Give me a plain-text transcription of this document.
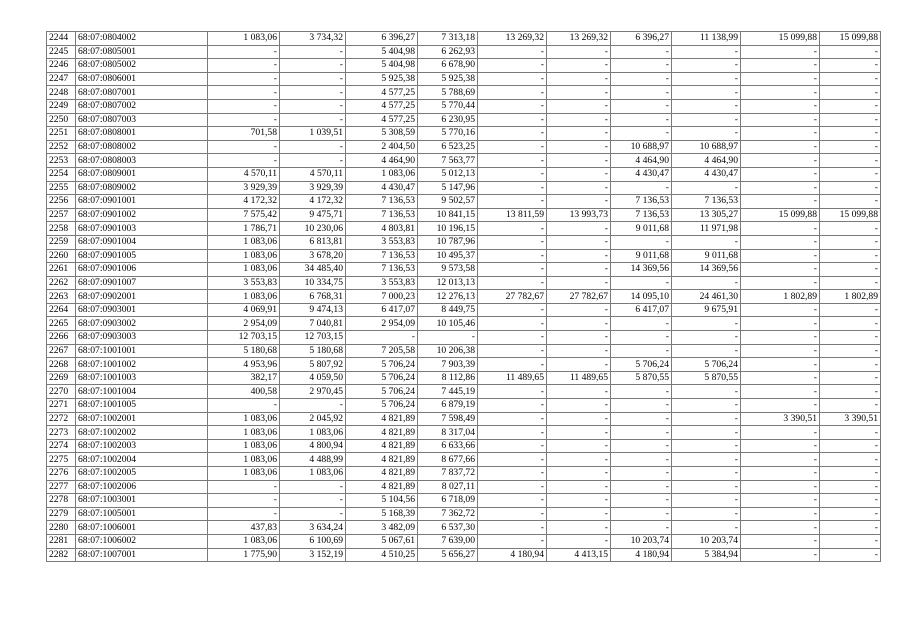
2244	68:07:0804002	1 083,06	3 734,32	6 396,27	7 313,18	13 269,32	13 269,32	6 396,27	11 138,99	15 099,88	15 099,88
2245	68:07:0805001	-	-	5 404,98	6 262,93	-	-	-	-	-	-
2246	68:07:0805002	-	-	5 404,98	6 678,90	-	-	-	-	-	-
2247	68:07:0806001	-	-	5 925,38	5 925,38	-	-	-	-	-	-
2248	68:07:0807001	-	-	4 577,25	5 788,69	-	-	-	-	-	-
2249	68:07:0807002	-	-	4 577,25	5 770,44	-	-	-	-	-	-
2250	68:07:0807003	-	-	4 577,25	6 230,95	-	-	-	-	-	-
2251	68:07:0808001	701,58	1 039,51	5 308,59	5 770,16	-	-	-	-	-	-
2252	68:07:0808002	-	-	2 404,50	6 523,25	-	-	10 688,97	10 688,97	-	-
2253	68:07:0808003	-	-	4 464,90	7 563,77	-	-	4 464,90	4 464,90	-	-
2254	68:07:0809001	4 570,11	4 570,11	1 083,06	5 012,13	-	-	4 430,47	4 430,47	-	-
2255	68:07:0809002	3 929,39	3 929,39	4 430,47	5 147,96	-	-	-	-	-	-
2256	68:07:0901001	4 172,32	4 172,32	7 136,53	9 502,57	-	-	7 136,53	7 136,53	-	-
2257	68:07:0901002	7 575,42	9 475,71	7 136,53	10 841,15	13 811,59	13 993,73	7 136,53	13 305,27	15 099,88	15 099,88
2258	68:07:0901003	1 786,71	10 230,06	4 803,81	10 196,15	-	-	9 011,68	11 971,98	-	-
2259	68:07:0901004	1 083,06	6 813,81	3 553,83	10 787,96	-	-	-	-	-	-
2260	68:07:0901005	1 083,06	3 678,20	7 136,53	10 495,37	-	-	9 011,68	9 011,68	-	-
2261	68:07:0901006	1 083,06	34 485,40	7 136,53	9 573,58	-	-	14 369,56	14 369,56	-	-
2262	68:07:0901007	3 553,83	10 334,75	3 553,83	12 013,13	-	-	-	-	-	-
2263	68:07:0902001	1 083,06	6 768,31	7 000,23	12 276,13	27 782,67	27 782,67	14 095,10	24 461,30	1 802,89	1 802,89
2264	68:07:0903001	4 069,91	9 474,13	6 417,07	8 449,75	-	-	6 417,07	9 675,91	-	-
2265	68:07:0903002	2 954,09	7 040,81	2 954,09	10 105,46	-	-	-	-	-	-
2266	68:07:0903003	12 703,15	12 703,15	-	-	-	-	-	-	-	-
2267	68:07:1001001	5 180,68	5 180,68	7 205,58	10 206,38	-	-	-	-	-	-
2268	68:07:1001002	4 953,96	5 807,92	5 706,24	7 903,39	-	-	5 706,24	5 706,24	-	-
2269	68:07:1001003	382,17	4 059,50	5 706,24	8 112,86	11 489,65	11 489,65	5 870,55	5 870,55	-	-
2270	68:07:1001004	400,58	2 970,45	5 706,24	7 445,19	-	-	-	-	-	-
2271	68:07:1001005	-	-	5 706,24	6 879,19	-	-	-	-	-	-
2272	68:07:1002001	1 083,06	2 045,92	4 821,89	7 598,49	-	-	-	-	3 390,51	3 390,51
2273	68:07:1002002	1 083,06	1 083,06	4 821,89	8 317,04	-	-	-	-	-	-
2274	68:07:1002003	1 083,06	4 800,94	4 821,89	6 633,66	-	-	-	-	-	-
2275	68:07:1002004	1 083,06	4 488,99	4 821,89	8 677,66	-	-	-	-	-	-
2276	68:07:1002005	1 083,06	1 083,06	4 821,89	7 837,72	-	-	-	-	-	-
2277	68:07:1002006	-	-	4 821,89	8 027,11	-	-	-	-	-	-
2278	68:07:1003001	-	-	5 104,56	6 718,09	-	-	-	-	-	-
2279	68:07:1005001	-	-	5 168,39	7 362,72	-	-	-	-	-	-
2280	68:07:1006001	437,83	3 634,24	3 482,09	6 537,30	-	-	-	-	-	-
2281	68:07:1006002	1 083,06	6 100,69	5 067,61	7 639,00	-	-	10 203,74	10 203,74	-	-
2282	68:07:1007001	1 775,90	3 152,19	4 510,25	5 656,27	4 180,94	4 413,15	4 180,94	5 384,94	-	-
